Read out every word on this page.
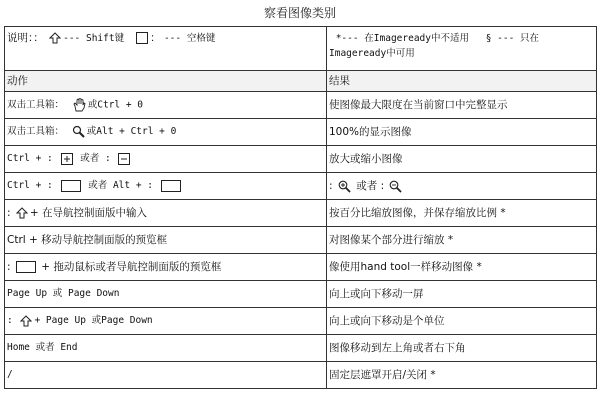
察看图像类别
说明：： --- Shift键 ： --- 空格键	*--- 在Imageready中不适用 § --- 只在Imageready中可用
动作	结果
双击工具箱： 或Ctrl + 0	使图像最大限度在当前窗口中完整显示
双击工具箱： 或Alt + Ctrl + 0	100%的显示图像
Ctrl + : 或者 :	放大或缩小图像
Ctrl + : 或者 Alt + :	: 或者 :
: + 在导航控制面版中输入	按百分比缩放图像，并保存缩放比例 *
Ctrl + 移动导航控制面版的预览框	对图像某个部分进行缩放 *
: + 拖动鼠标或者导航控制面版的预览框	像使用hand tool一样移动图像 *
Page Up 或 Page Down	向上或向下移动一屏
: + Page Up 或Page Down	向上或向下移动是个单位
Home 或者 End	图像移动到左上角或者右下角
/	固定层遮罩开启/关闭 *
